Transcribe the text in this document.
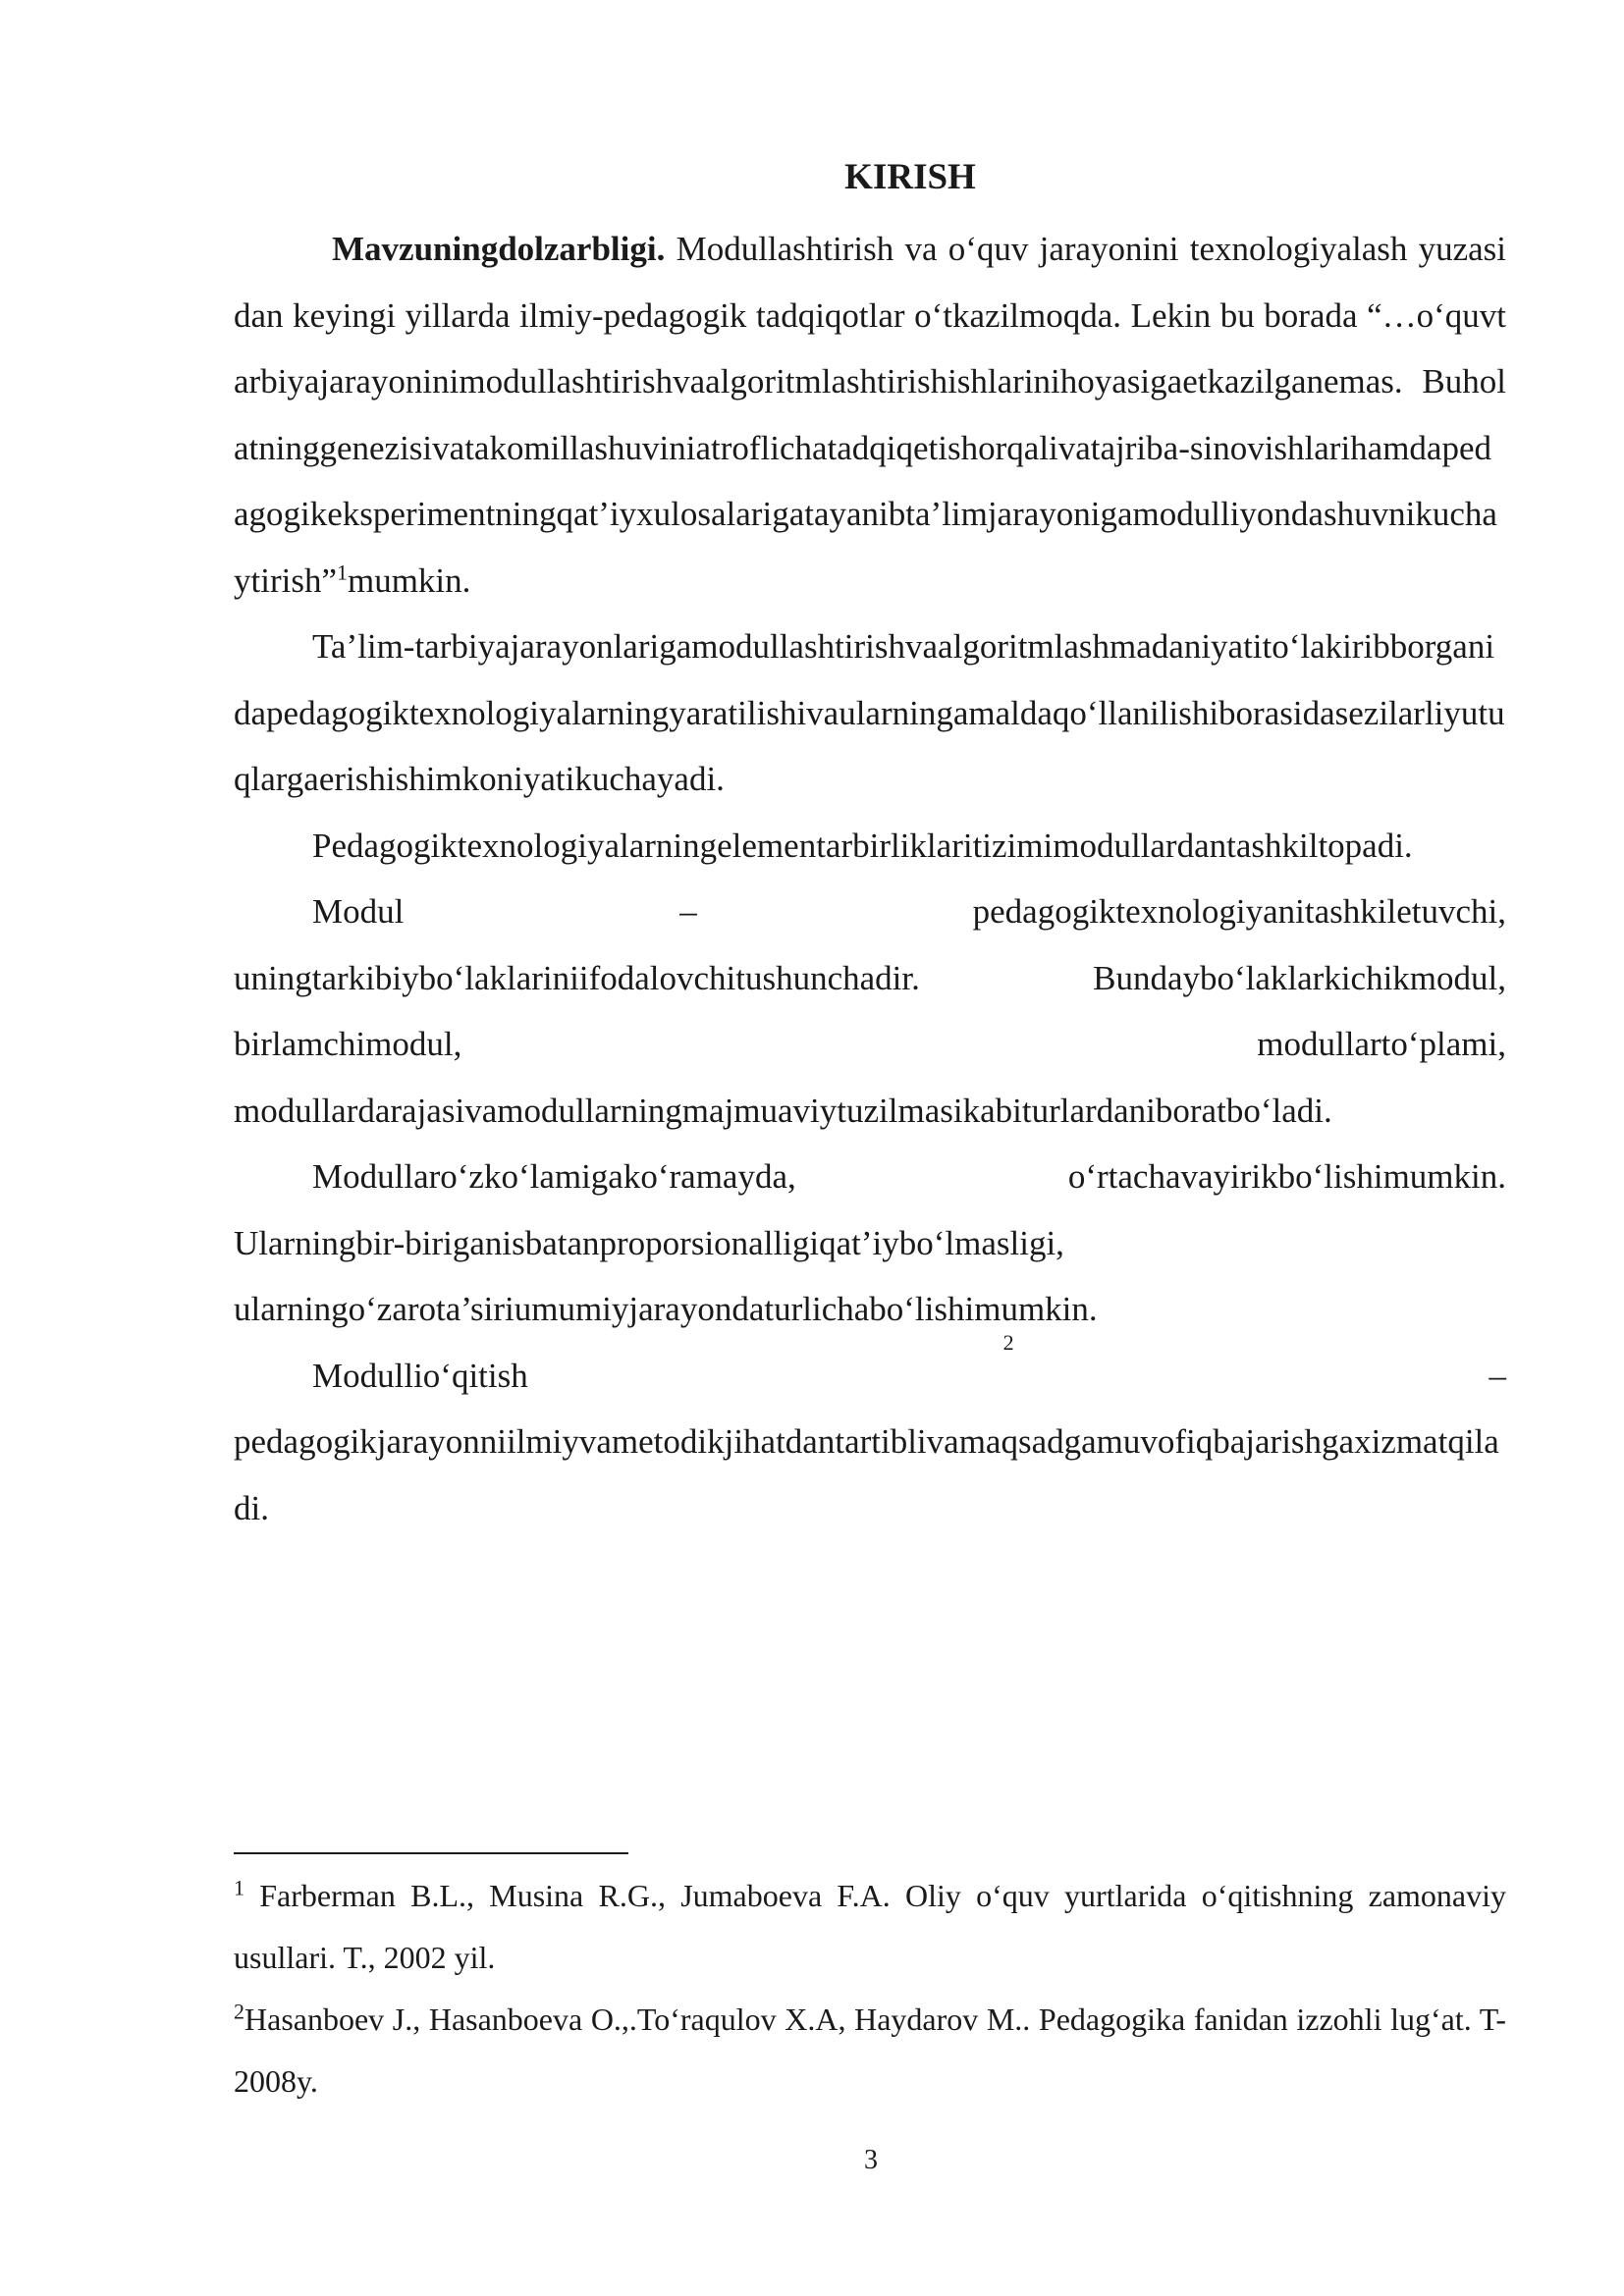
KIRISH

Mavzuningdolzarbligi. Modullashtirish va o‘quv jarayonini texnologiyalash yuzasidan keyingi yillarda ilmiy-pedagogik tadqiqotlar o‘tkazilmoqda. Lekin bu borada “…o‘quvtarbiyajarayoninimodullashtirishvaalgoritmlashtirishishlarinihoyasigaetkazilganemas. Buholatninggenezisivatakomillashuviniatroflichatadqiqetishorqalivatajriba-sinovishlarihamdapedagogikeksperimentningqat’iyxulosalarigatayanibta’limjarayonigamodulliyondashuvnikuchaytirish”$^1$mumkin.

Ta’lim-tarbiyajarayonlarigamodullashtirishvaalgoritmlashmadaniyatito‘lakiribborganidapedagogiktexnologiyalarningyaratilishivaularningamaldaqo‘llanilishiborasidasezilarliyutuqlargaerishishimkoniyatikuchayadi.

Pedagogiktexnologiyalarningelementarbirliklaritizimimodullardantashkiltopadi.

Modul	–	pedagogiktexnologiyanitashkiletuvchi,
uningtarkibiybo‘laklariniifodalovchitushunchadir.	Bundaybo‘laklarkichikmodul,
birlamchimodul,	modullarto‘plami,

modullardarajasivamodullarningmajmuaviytuzilmasikabiturlardaniboratbo‘ladi.

Modullaro‘zko‘lamigako‘ramayda,	o‘rtachavayirikbo‘lishimumkin.

Ularningbir-biriganisbatanproporsionalligiqat’iybo‘lmasligi,

ularningo‘zarota’siriumumiyjarayondaturlichabo‘lishimumkin.

Modullio‘qitish
2
–

pedagogikjarayonniilmiyvametodikjihatdantartiblivamaqsadgamuvofiqbajarishgaxizmatqiladi.

$^1$ Farberman B.L., Musina R.G., Jumaboeva F.A. Oliy o‘quv yurtlarida o‘qitishning zamonaviy usullari. T., 2002 yil.

$^2$Hasanboev J., Hasanboeva O.,.To‘raqulov X.A, Haydarov M.. Pedagogika fanidan izzohli lug‘at. T-2008y.

3
